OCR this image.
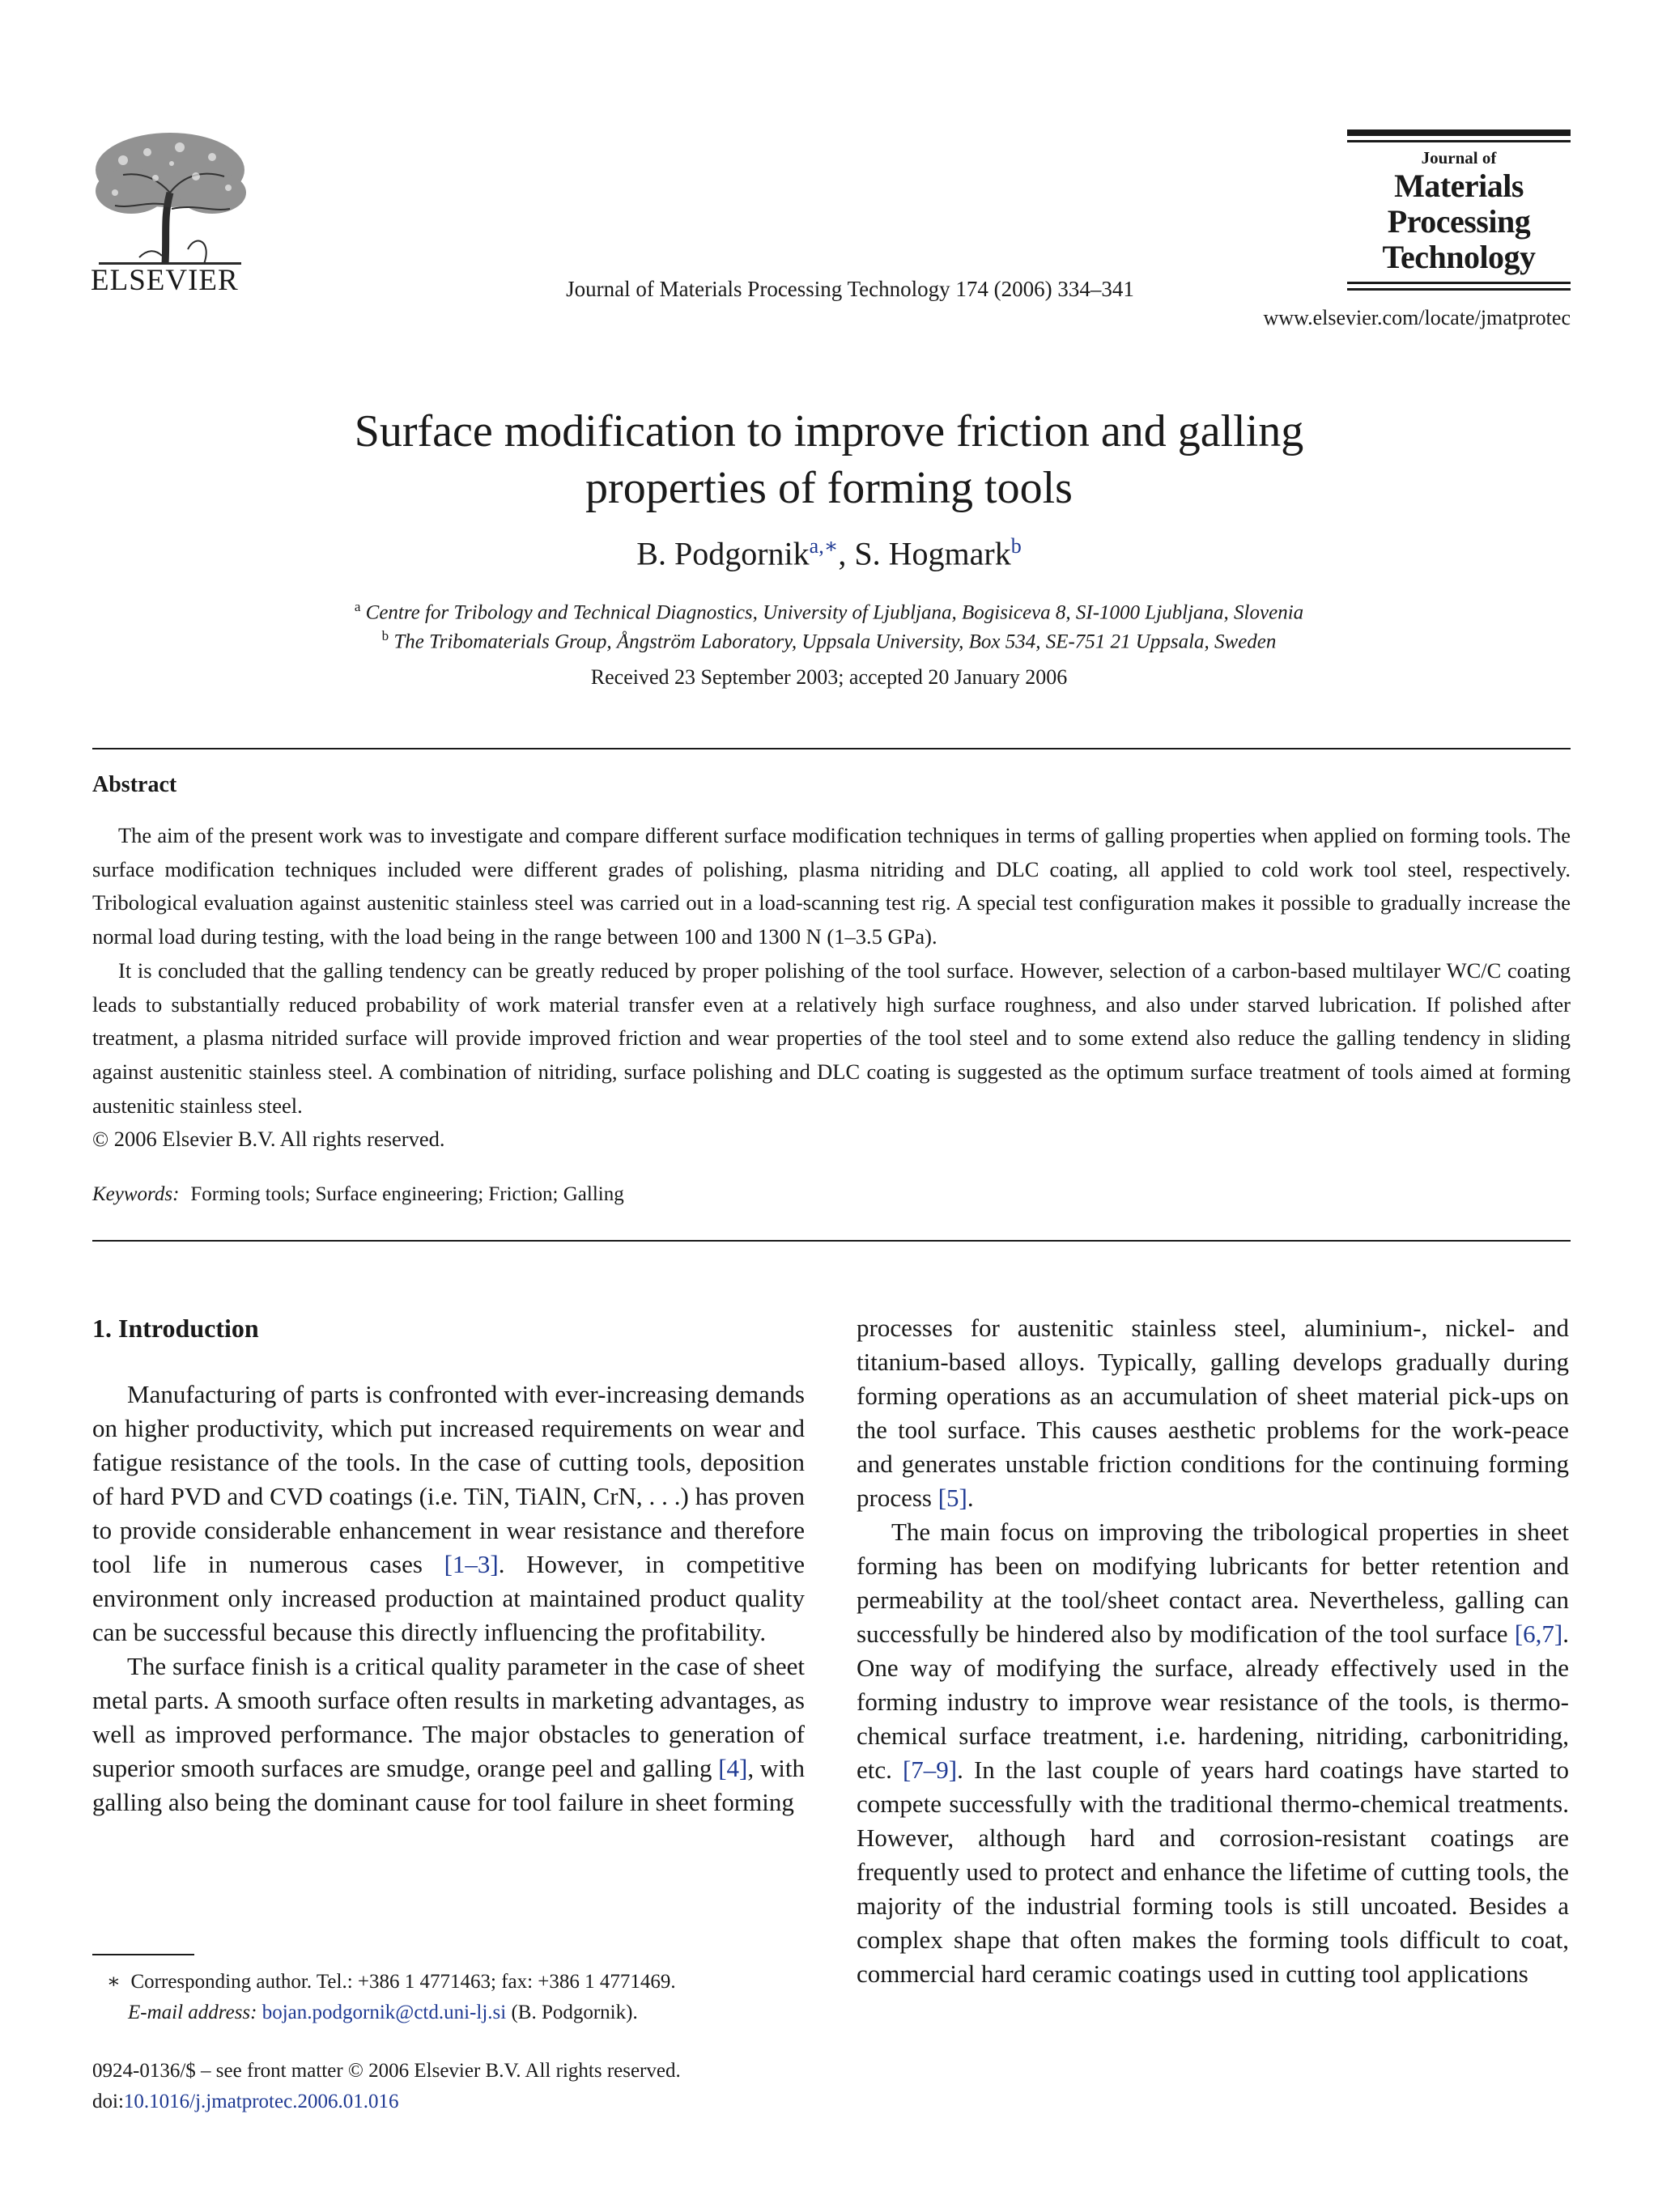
ELSEVIER	Journal of Materials Processing Technology 174 (2006) 334–341
Journal of
Materials
Processing
Technology
www.elsevier.com/locate/jmatprotec
Surface modification to improve friction and galling
properties of forming tools
B. Podgornik$^{a,∗}$, S. Hogmark$^b$
$^a$ Centre for Tribology and Technical Diagnostics, University of Ljubljana, Bogisiceva 8, SI-1000 Ljubljana, Slovenia
$^b$ The Tribomaterials Group, Ångström Laboratory, Uppsala University, Box 534, SE-751 21 Uppsala, Sweden
Received 23 September 2003; accepted 20 January 2006
Abstract

The aim of the present work was to investigate and compare different surface modification techniques in terms of galling properties when applied on forming tools. The surface modification techniques included were different grades of polishing, plasma nitriding and DLC coating, all applied to cold work tool steel, respectively. Tribological evaluation against austenitic stainless steel was carried out in a load-scanning test rig. A special test configuration makes it possible to gradually increase the normal load during testing, with the load being in the range between 100 and 1300 N (1–3.5 GPa).

It is concluded that the galling tendency can be greatly reduced by proper polishing of the tool surface. However, selection of a carbon-based multilayer WC/C coating leads to substantially reduced probability of work material transfer even at a relatively high surface roughness, and also under starved lubrication. If polished after treatment, a plasma nitrided surface will provide improved friction and wear properties of the tool steel and to some extend also reduce the galling tendency in sliding against austenitic stainless steel. A combination of nitriding, surface polishing and DLC coating is suggested as the optimum surface treatment of tools aimed at forming austenitic stainless steel.

© 2006 Elsevier B.V. All rights reserved.
Keywords: Forming tools; Surface engineering; Friction; Galling
1. Introduction

Manufacturing of parts is confronted with ever-increasing demands on higher productivity, which put increased requirements on wear and fatigue resistance of the tools. In the case of cutting tools, deposition of hard PVD and CVD coatings (i.e. TiN, TiAlN, CrN, . . .) has proven to provide considerable enhancement in wear resistance and therefore tool life in numerous cases [1–3]. However, in competitive environment only increased production at maintained product quality can be successful because this directly influencing the profitability.

The surface finish is a critical quality parameter in the case of sheet metal parts. A smooth surface often results in marketing advantages, as well as improved performance. The major obstacles to generation of superior smooth surfaces are smudge, orange peel and galling [4], with galling also being the dominant cause for tool failure in sheet forming

processes for austenitic stainless steel, aluminium-, nickel- and titanium-based alloys. Typically, galling develops gradually during forming operations as an accumulation of sheet material pick-ups on the tool surface. This causes aesthetic problems for the work-peace and generates unstable friction conditions for the continuing forming process [5].

The main focus on improving the tribological properties in sheet forming has been on modifying lubricants for better retention and permeability at the tool/sheet contact area. Nevertheless, galling can successfully be hindered also by modification of the tool surface [6,7]. One way of modifying the surface, already effectively used in the forming industry to improve wear resistance of the tools, is thermo-chemical surface treatment, i.e. hardening, nitriding, carbonitriding, etc. [7–9]. In the last couple of years hard coatings have started to compete successfully with the traditional thermo-chemical treatments. However, although hard and corrosion-resistant coatings are frequently used to protect and enhance the lifetime of cutting tools, the majority of the industrial forming tools is still uncoated. Besides a complex shape that often makes the forming tools difficult to coat, commercial hard ceramic coatings used in cutting tool applications

∗ Corresponding author. Tel.: +386 1 4771463; fax: +386 1 4771469.
E-mail address: bojan.podgornik@ctd.uni-lj.si (B. Podgornik).
0924-0136/$ – see front matter © 2006 Elsevier B.V. All rights reserved.
doi:10.1016/j.jmatprotec.2006.01.016
